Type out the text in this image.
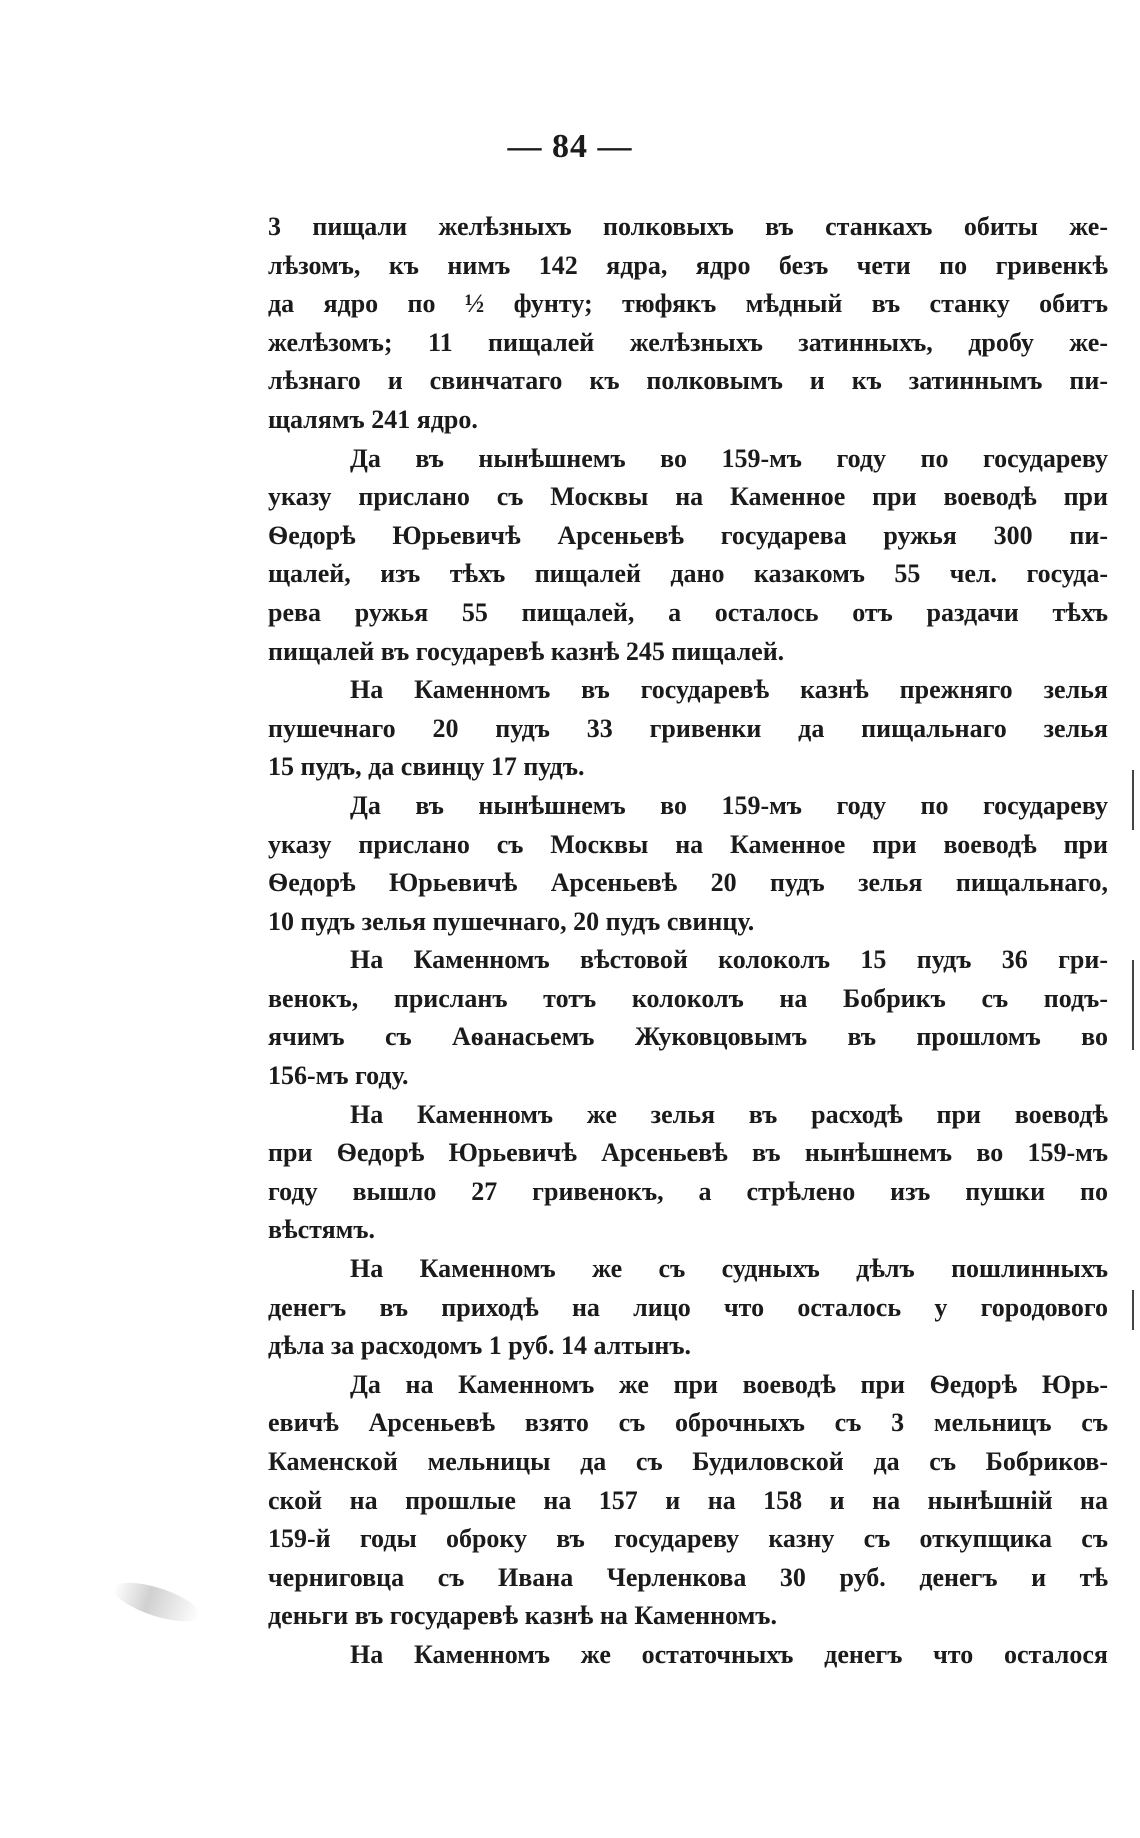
— 84 —
3 пищали желѣзныхъ полковыхъ въ станкахъ обиты же-
лѣзомъ, къ нимъ 142 ядра, ядро безъ чети по гривенкѣ
да ядро по ½ фунту; тюфякъ мѣдный въ станку обитъ
желѣзомъ; 11 пищалей желѣзныхъ затинныхъ, дробу же-
лѣзнаго и свинчатаго къ полковымъ и къ затиннымъ пи-
щалямъ 241 ядро.
Да въ нынѣшнемъ во 159-мъ году по государеву
указу прислано съ Москвы на Каменное при воеводѣ при
Ѳедорѣ Юрьевичѣ Арсеньевѣ государева ружья 300 пи-
щалей, изъ тѣхъ пищалей дано казакомъ 55 чел. госуда-
рева ружья 55 пищалей, а осталось отъ раздачи тѣхъ
пищалей въ государевѣ казнѣ 245 пищалей.
На Каменномъ въ государевѣ казнѣ прежняго зелья
пушечнаго 20 пудъ 33 гривенки да пищальнаго зелья
15 пудъ, да свинцу 17 пудъ.
Да въ нынѣшнемъ во 159-мъ году по государеву
указу прислано съ Москвы на Каменное при воеводѣ при
Ѳедорѣ Юрьевичѣ Арсеньевѣ 20 пудъ зелья пищальнаго,
10 пудъ зелья пушечнаго, 20 пудъ свинцу.
На Каменномъ вѣстовой колоколъ 15 пудъ 36 гри-
венокъ, присланъ тотъ колоколъ на Бобрикъ съ подъ-
ячимъ съ Аѳанасьемъ Жуковцовымъ въ прошломъ во
156-мъ году.
На Каменномъ же зелья въ расходѣ при воеводѣ
при Ѳедорѣ Юрьевичѣ Арсеньевѣ въ нынѣшнемъ во 159-мъ
году вышло 27 гривенокъ, а стрѣлено изъ пушки по
вѣстямъ.
На Каменномъ же съ судныхъ дѣлъ пошлинныхъ
денегъ въ приходѣ на лицо что осталось у городового
дѣла за расходомъ 1 руб. 14 алтынъ.
Да на Каменномъ же при воеводѣ при Ѳедорѣ Юрь-
евичѣ Арсеньевѣ взято съ оброчныхъ съ 3 мельницъ съ
Каменской мельницы да съ Будиловской да съ Бобриков-
ской на прошлые на 157 и на 158 и на нынѣшній на
159-й годы оброку въ государеву казну съ откупщика съ
черниговца съ Ивана Черленкова 30 руб. денегъ и тѣ
деньги въ государевѣ казнѣ на Каменномъ.
На Каменномъ же остаточныхъ денегъ что осталося
